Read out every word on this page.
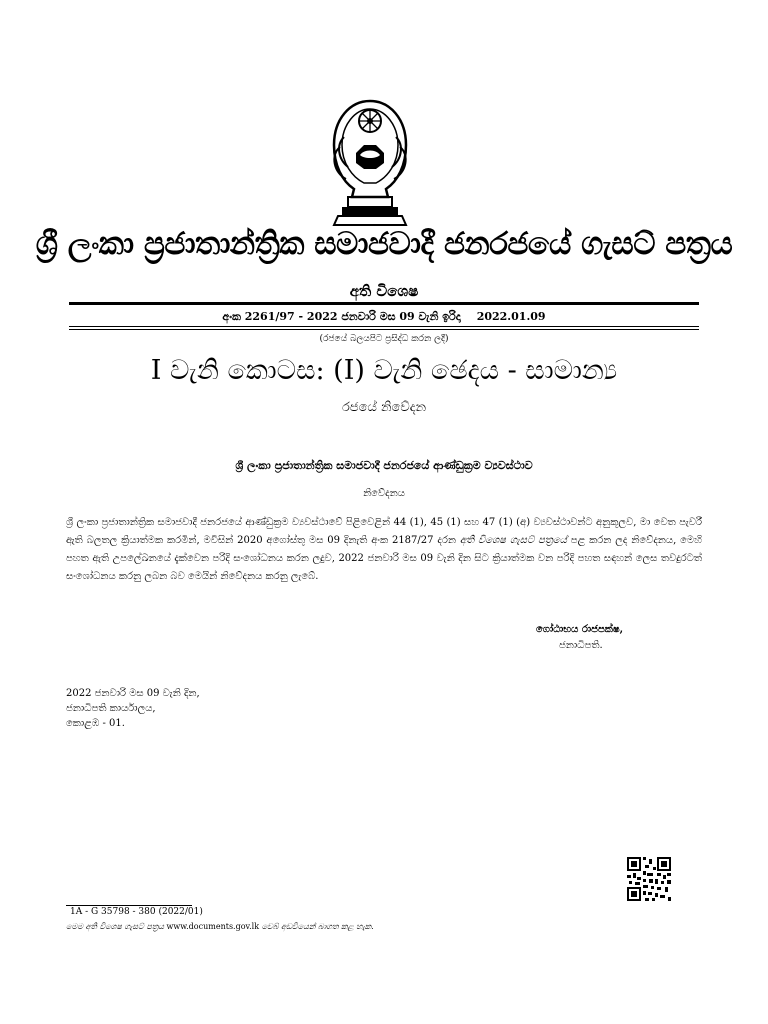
ශ්‍රී ලංකා ප්‍රජාතාන්ත්‍රික සමාජවාදී ජනරජයේ ගැසට් පත්‍රය
අති විශෙෂ
අංක 2261/97 - 2022 ජනවාරි මස 09 වැනි ඉරිදා 2022.01.09
(රජයේ බලයපිට ප්‍රසිද්ධ කරන ලදී)
I වැනි කොටස: (I) වැනි ඡෙදය - සාමාන්‍ය
රජයේ නිවේදන
ශ්‍රී ලංකා ප්‍රජාතාන්ත්‍රික සමාජවාදී ජනරජයේ ආණ්ඩුක්‍රම ව්‍යවස්ථාව
නිවේදනය

ශ්‍රී ලංකා ප්‍රජාතාන්ත්‍රික සමාජවාදී ජනරජයේ ආණ්ඩුක්‍රම ව්‍යවස්ථාවේ පිළිවෙළින් 44 (1), 45 (1) සහ 47 (1) (අ) ව්‍යවස්ථාවන්ට අනුකූලව, මා වෙත පැවරී ඇති බලතල ක්‍රියාත්මක කරමින්, මවිසින් 2020 අගෝස්තු මස 09 දිනැති අංක 2187/27 දරන අති විශෙෂ ගැසට් පත්‍රයේ පළ කරන ලද නිවේදනය, මෙහි පහත ඇති උපලේඛනයේ දැක්වෙන පරිදි සංශෝධනය කරන ලදුව, 2022 ජනවාරි මස 09 වැනි දින සිට ක්‍රියාත්මක වන පරිදි පහත සඳහන් ලෙස තවදුරටත් සංශෝධනය කරනු ලබන බව මෙයින් නිවේදනය කරනු ලැබේ.

ගෝඨාභය රාජපක්ෂ,
ජනාධිපති.
2022 ජනවාරි මස 09 වැනි දින,
ජනාධිපති කාර්යාලය,
කොළඹ - 01.
1A - G 35798 - 380 (2022/01)
මෙම අති විශෙෂ ගැසට් පත්‍රය www.documents.gov.lk වෙබ් අඩවියෙන් බාගත කළ හැක.
